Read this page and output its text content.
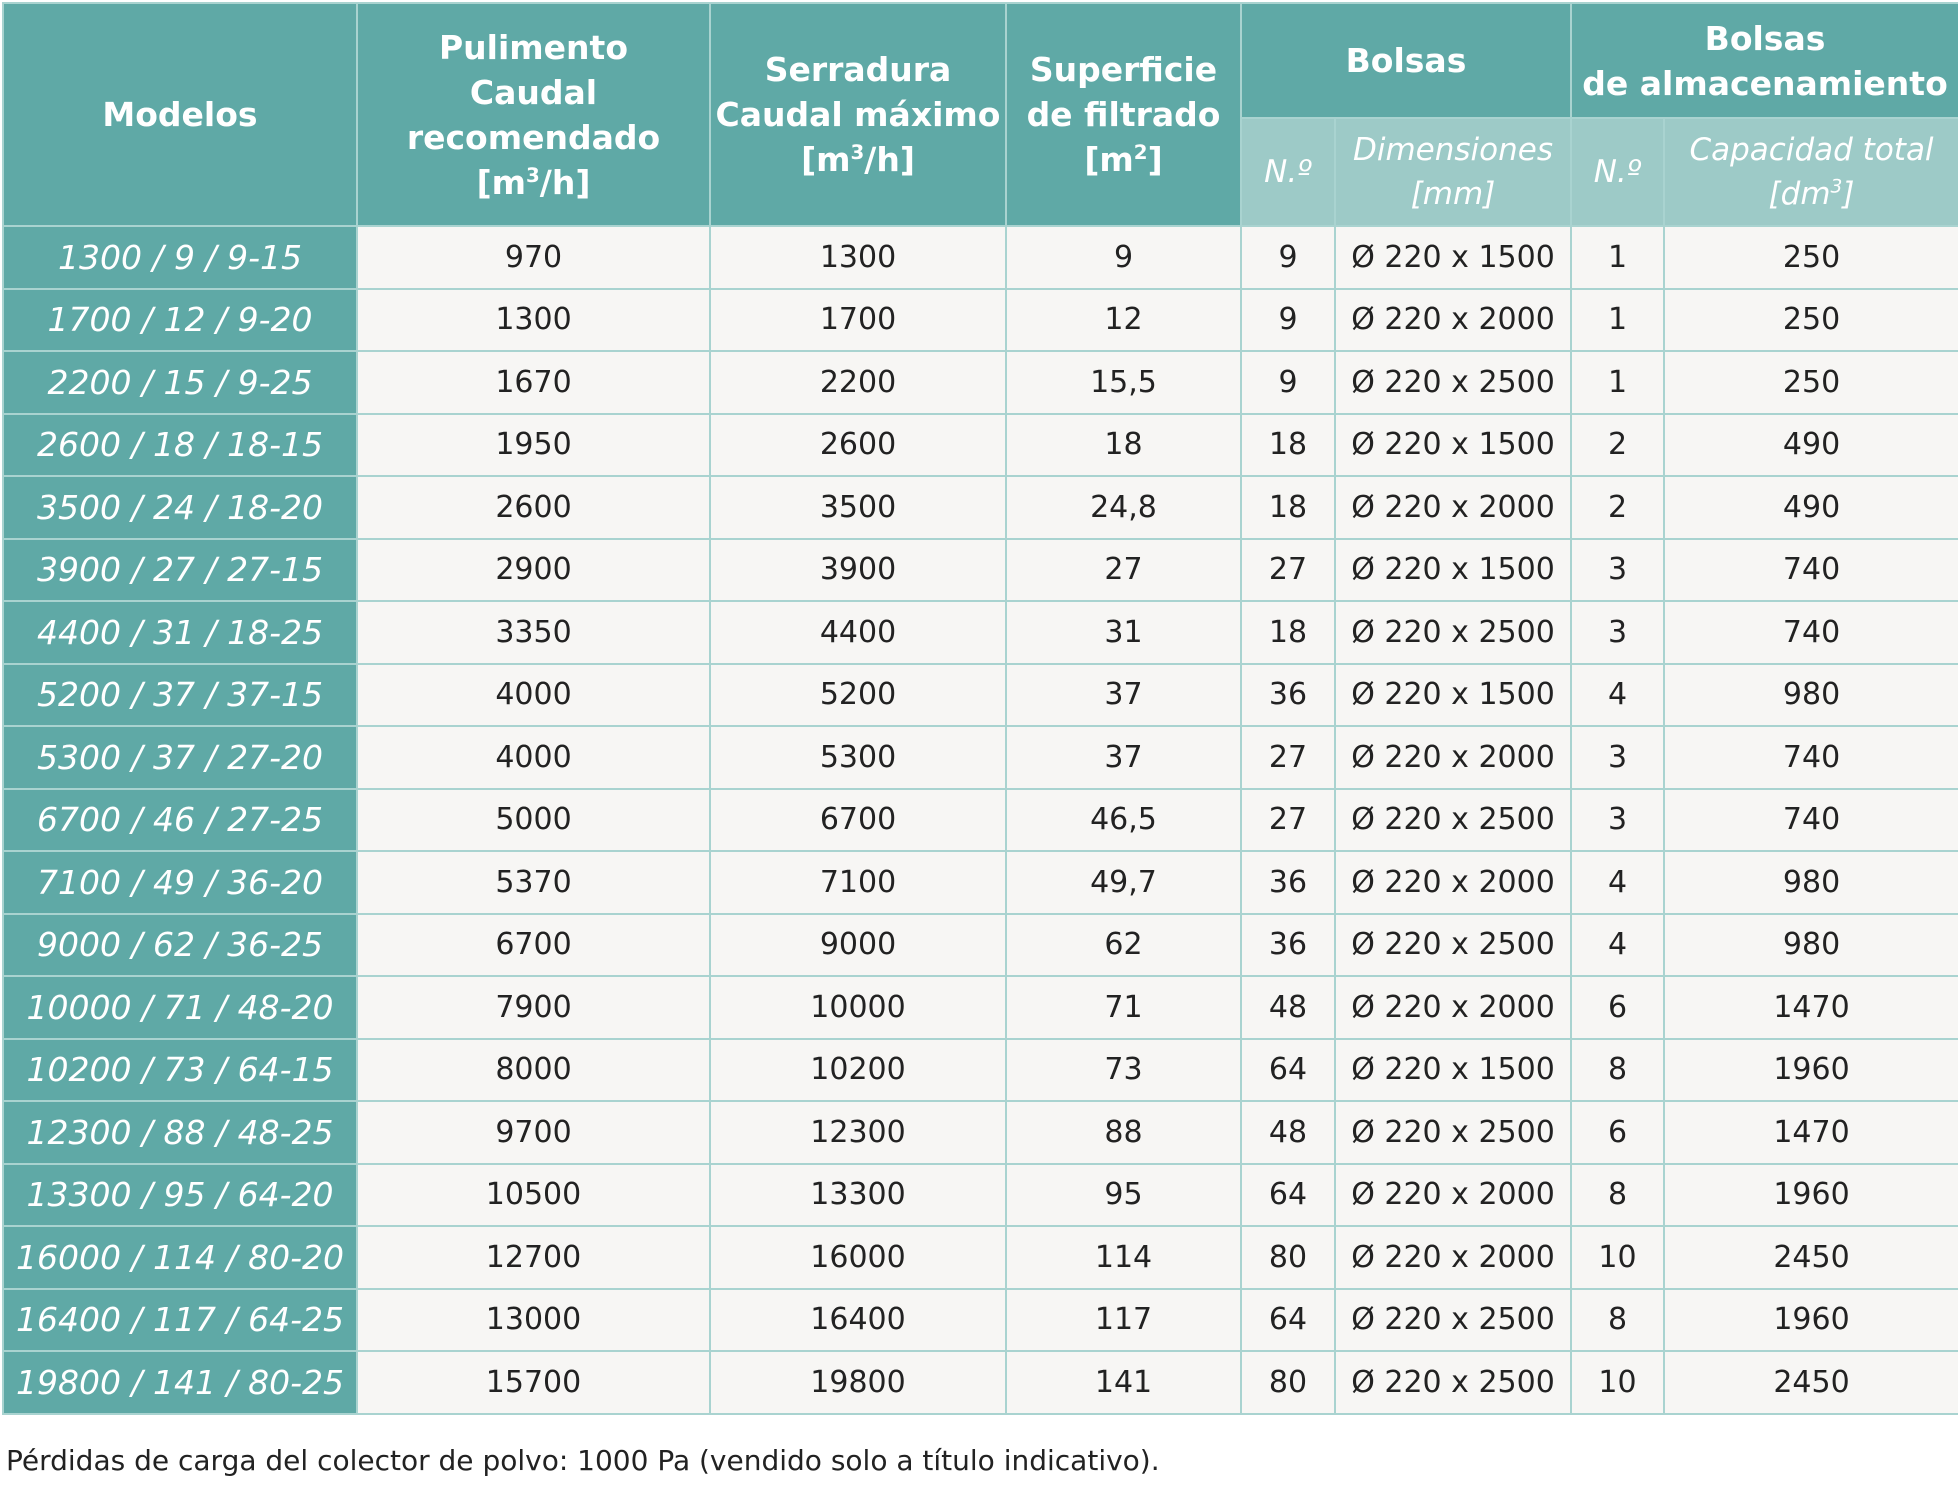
Modelos	Pulimento
Caudal
recomendado
$[m^3/h]$	Serradura
Caudal máximo
$[m^3/h]$	Superficie
de filtrado
$[m^2]$	Bolsas		Bolsas
de almacenamiento	
				N.º	Dimensiones
[mm]	N.º	Capacidad total
$[dm^3]$
1300 / 9 / 9-15	970	1300	9	9	Ø 220 x 1500	1	250
1700 / 12 / 9-20	1300	1700	12	9	Ø 220 x 2000	1	250
2200 / 15 / 9-25	1670	2200	15,5	9	Ø 220 x 2500	1	250
2600 / 18 / 18-15	1950	2600	18	18	Ø 220 x 1500	2	490
3500 / 24 / 18-20	2600	3500	24,8	18	Ø 220 x 2000	2	490
3900 / 27 / 27-15	2900	3900	27	27	Ø 220 x 1500	3	740
4400 / 31 / 18-25	3350	4400	31	18	Ø 220 x 2500	3	740
5200 / 37 / 37-15	4000	5200	37	36	Ø 220 x 1500	4	980
5300 / 37 / 27-20	4000	5300	37	27	Ø 220 x 2000	3	740
6700 / 46 / 27-25	5000	6700	46,5	27	Ø 220 x 2500	3	740
7100 / 49 / 36-20	5370	7100	49,7	36	Ø 220 x 2000	4	980
9000 / 62 / 36-25	6700	9000	62	36	Ø 220 x 2500	4	980
10000 / 71 / 48-20	7900	10000	71	48	Ø 220 x 2000	6	1470
10200 / 73 / 64-15	8000	10200	73	64	Ø 220 x 1500	8	1960
12300 / 88 / 48-25	9700	12300	88	48	Ø 220 x 2500	6	1470
13300 / 95 / 64-20	10500	13300	95	64	Ø 220 x 2000	8	1960
16000 / 114 / 80-20	12700	16000	114	80	Ø 220 x 2000	10	2450
16400 / 117 / 64-25	13000	16400	117	64	Ø 220 x 2500	8	1960
19800 / 141 / 80-25	15700	19800	141	80	Ø 220 x 2500	10	2450
Pérdidas de carga del colector de polvo: 1000 Pa (vendido solo a título indicativo).
